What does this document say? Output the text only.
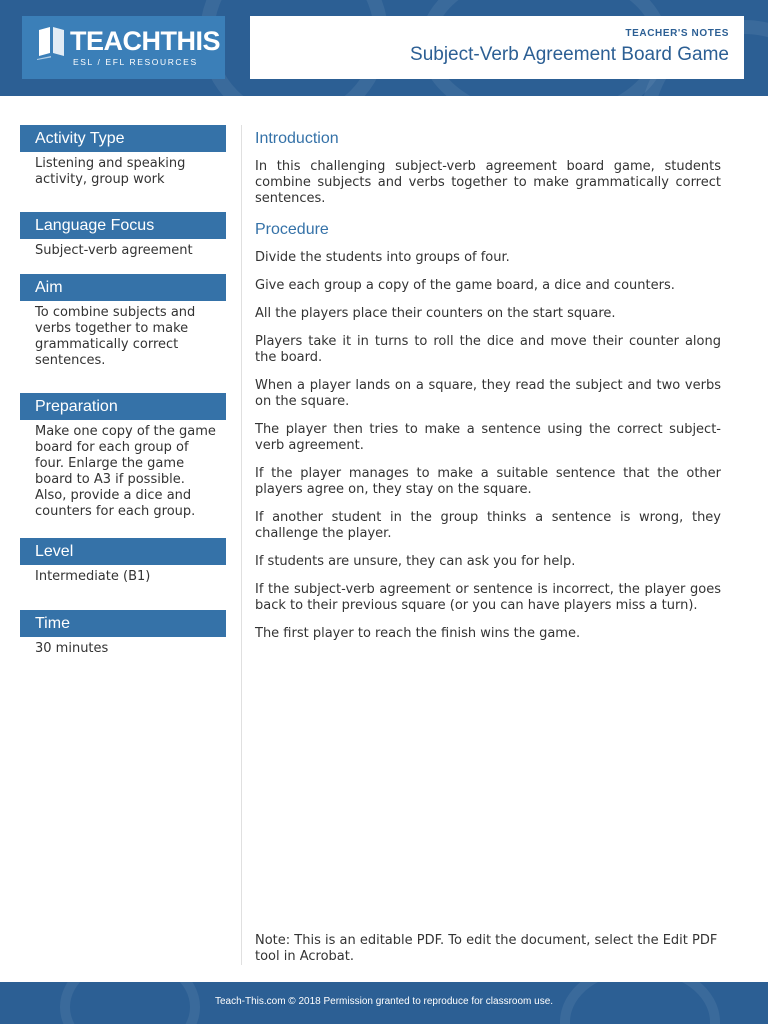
TEACHTHIS
ESL / EFL RESOURCES
TEACHER'S NOTES
Subject-Verb Agreement Board Game
Activity Type
Listening and speaking activity, group work
Language Focus
Subject-verb agreement
Aim
To combine subjects and verbs together to make grammatically correct sentences.
Preparation
Make one copy of the game board for each group of four. Enlarge the game board to A3 if possible. Also, provide a dice and counters for each group.
Level
Intermediate (B1)
Time
30 minutes
Introduction
In this challenging subject-verb agreement board game, students combine subjects and verbs together to make grammatically correct sentences.
Procedure
Divide the students into groups of four.
Give each group a copy of the game board, a dice and counters.
All the players place their counters on the start square.
Players take it in turns to roll the dice and move their counter along the board.
When a player lands on a square, they read the subject and two verbs on the square.
The player then tries to make a sentence using the correct subject-verb agreement.
If the player manages to make a suitable sentence that the other players agree on, they stay on the square.
If another student in the group thinks a sentence is wrong, they challenge the player.
If students are unsure, they can ask you for help.
If the subject-verb agreement or sentence is incorrect, the player goes back to their previous square (or you can have players miss a turn).
The first player to reach the finish wins the game.
Note: This is an editable PDF. To edit the document, select the Edit PDF tool in Acrobat.
Teach-This.com © 2018 Permission granted to reproduce for classroom use.
